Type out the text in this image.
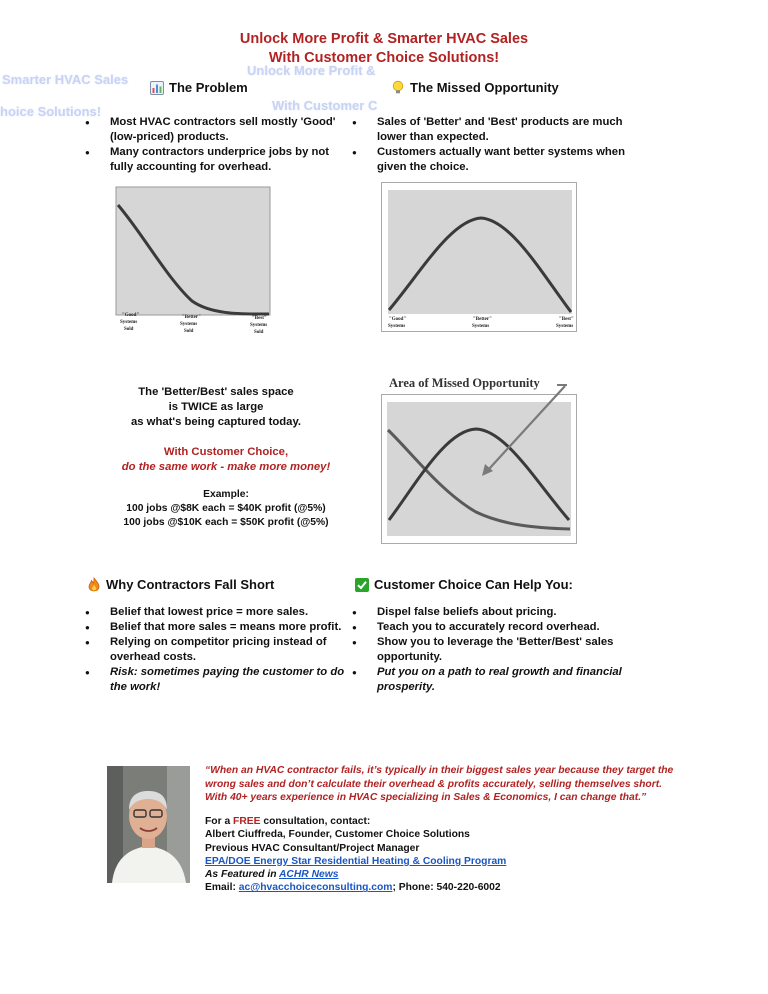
Unlock More Profit & Smarter HVAC Sales
With Customer Choice Solutions!
Smarter HVAC Sales
hoice Solutions!
Unlock More Profit &
With Customer C
The Problem	The Missed Opportunity
● Most HVAC contractors sell mostly 'Good' (low-priced) products.
● Many contractors underprice jobs by not fully accounting for overhead.
● Sales of 'Better' and 'Best' products are much lower than expected.
● Customers actually want better systems when given the choice.
"Good"
Systems
Sold
"Better"
Systems
Sold
"Best"
Systems
Sold
"Good"
Systems
"Better"
Systems
"Best"
Systems
The 'Better/Best' sales space
is TWICE as large
as what's being captured today.
With Customer Choice,
do the same work - make more money!
Example:
100 jobs @$8K each = $40K profit (@5%)
100 jobs @$10K each = $50K profit (@5%)
Area of Missed Opportunity
Why Contractors Fall Short	Customer Choice Can Help You:
● Belief that lowest price = more sales.
● Belief that more sales = means more profit.
● Relying on competitor pricing instead of overhead costs.
● Risk: sometimes paying the customer to do the work!
● Dispel false beliefs about pricing.
● Teach you to accurately record overhead.
● Show you to leverage the 'Better/Best' sales opportunity.
● Put you on a path to real growth and financial prosperity.
“When an HVAC contractor fails, it’s typically in their biggest sales year because they target the
wrong sales and don’t calculate their overhead & profits accurately, selling themselves short.
With 40+ years experience in HVAC specializing in Sales & Economics, I can change that.”
For a FREE consultation, contact:
Albert Ciuffreda, Founder, Customer Choice Solutions
Previous HVAC Consultant/Project Manager
EPA/DOE Energy Star Residential Heating & Cooling Program
As Featured in ACHR News
Email: ac@hvacchoiceconsulting.com; Phone: 540-220-6002
